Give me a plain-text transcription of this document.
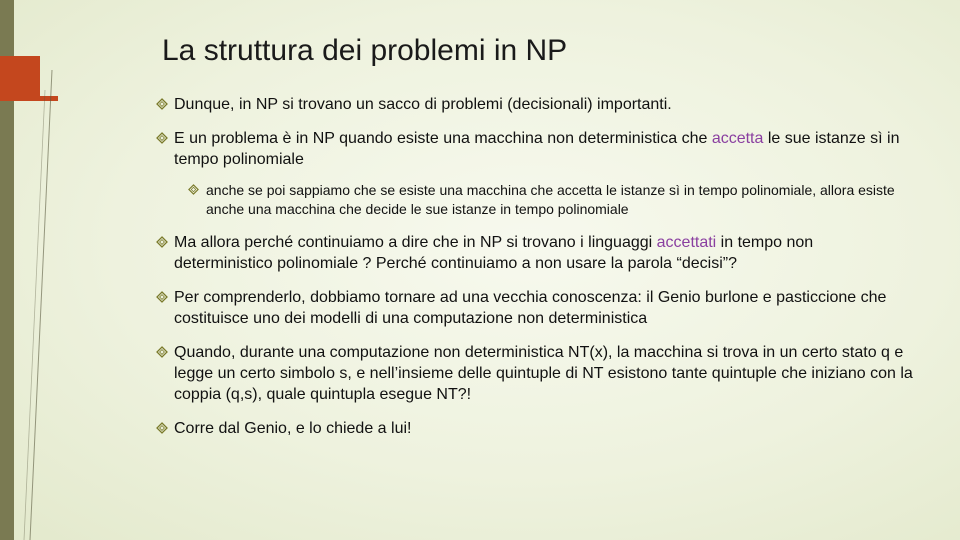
La struttura dei problemi in NP
Dunque, in NP si trovano un sacco di problemi (decisionali) importanti.
E un problema è in NP quando esiste una macchina non deterministica che accetta le sue istanze sì in tempo polinomiale
anche se poi sappiamo che se esiste una macchina che accetta le istanze sì in tempo polinomiale, allora esiste anche una macchina che decide le sue istanze in tempo polinomiale
Ma allora perché continuiamo a dire che in NP si trovano i linguaggi accettati in tempo non deterministico polinomiale ? Perché continuiamo a non usare la parola “decisi”?
Per comprenderlo, dobbiamo tornare ad una vecchia conoscenza: il Genio burlone e pasticcione che costituisce uno dei modelli di una computazione non deterministica
Quando, durante una computazione non deterministica NT(x), la macchina si trova in un certo stato q e legge un certo simbolo s, e nell’insieme delle quintuple di NT esistono tante quintuple che iniziano con la coppia (q,s), quale quintupla esegue NT?!
Corre dal Genio, e lo chiede a lui!
